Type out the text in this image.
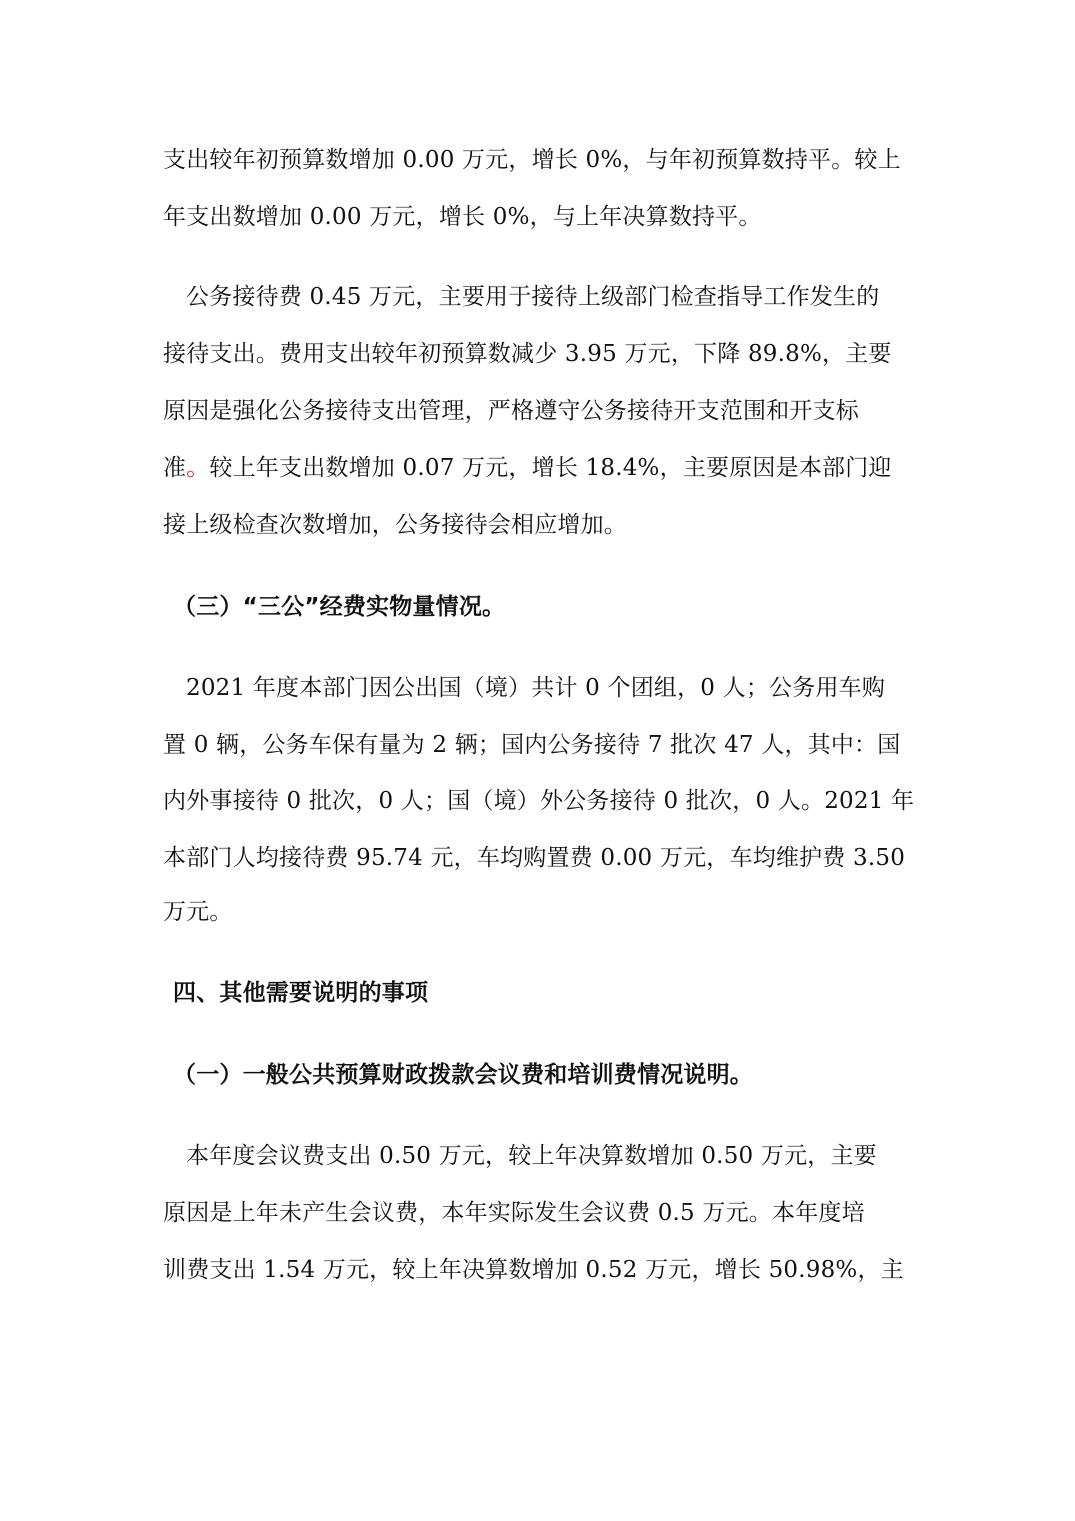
支出较年初预算数增加 0.00 万元，增长 0%，与年初预算数持平。较上
年支出数增加 0.00 万元，增长 0%，与上年决算数持平。
公务接待费 0.45 万元，主要用于接待上级部门检查指导工作发生的
接待支出。费用支出较年初预算数减少 3.95 万元，下降 89.8%，主要
原因是强化公务接待支出管理，严格遵守公务接待开支范围和开支标
准。较上年支出数增加 0.07 万元，增长 18.4%，主要原因是本部门迎
接上级检查次数增加，公务接待会相应增加。
（三）“三公”经费实物量情况。
2021 年度本部门因公出国（境）共计 0 个团组，0 人；公务用车购
置 0 辆，公务车保有量为 2 辆；国内公务接待 7 批次 47 人，其中：国
内外事接待 0 批次，0 人；国（境）外公务接待 0 批次，0 人。2021 年
本部门人均接待费 95.74 元，车均购置费 0.00 万元，车均维护费 3.50
万元。
四、其他需要说明的事项
（一）一般公共预算财政拨款会议费和培训费情况说明。
本年度会议费支出 0.50 万元，较上年决算数增加 0.50 万元，主要
原因是上年未产生会议费，本年实际发生会议费 0.5 万元。本年度培
训费支出 1.54 万元，较上年决算数增加 0.52 万元，增长 50.98%，主
